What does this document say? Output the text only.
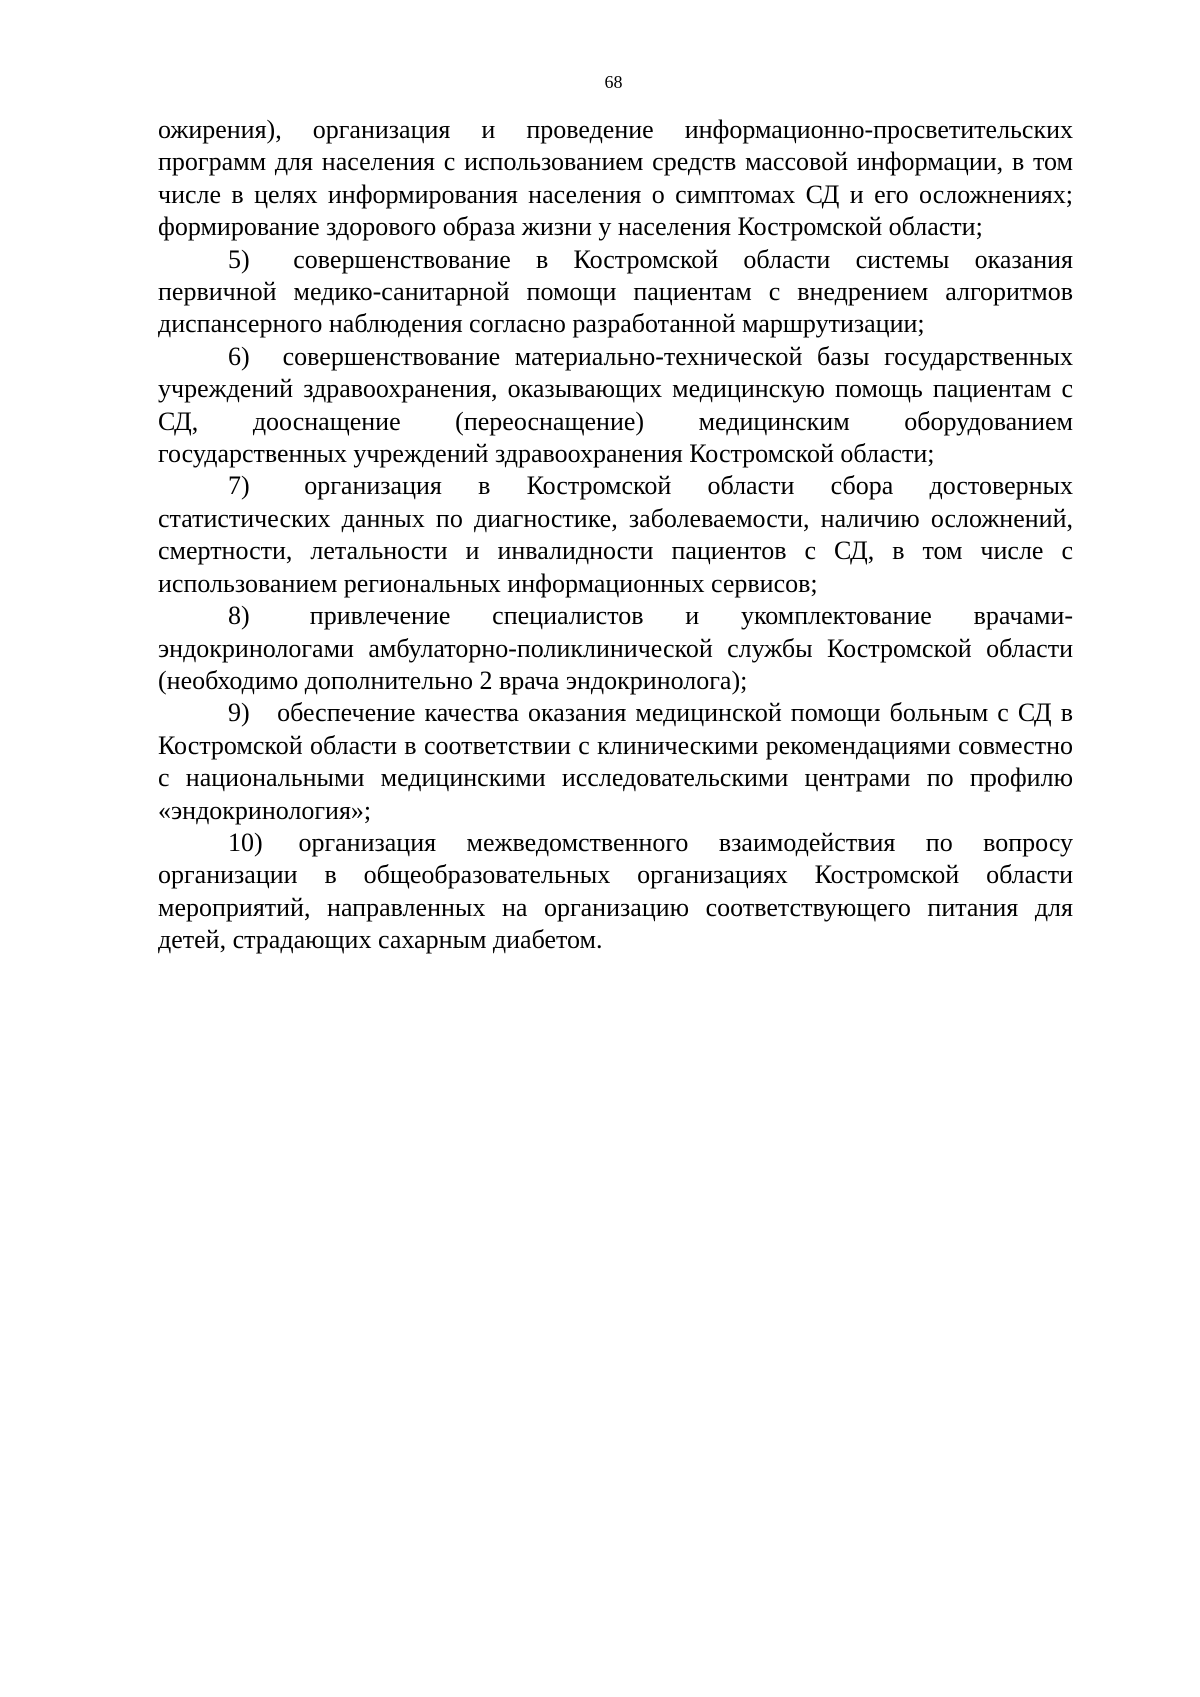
68

ожирения), организация и проведение информационно-просветительских программ для населения с использованием средств массовой информации, в том числе в целях информирования населения о симптомах СД и его осложнениях; формирование здорового образа жизни у населения Костромской области;

5) совершенствование в Костромской области системы оказания первичной медико-санитарной помощи пациентам с внедрением алгоритмов диспансерного наблюдения согласно разработанной маршрутизации;

6) совершенствование материально-технической базы государственных учреждений здравоохранения, оказывающих медицинскую помощь пациентам с СД, дооснащение (переоснащение) медицинским оборудованием государственных учреждений здравоохранения Костромской области;

7) организация в Костромской области сбора достоверных статистических данных по диагностике, заболеваемости, наличию осложнений, смертности, летальности и инвалидности пациентов с СД, в том числе с использованием региональных информационных сервисов;

8) привлечение специалистов и укомплектование врачами-эндокринологами амбулаторно-поликлинической службы Костромской области (необходимо дополнительно 2 врача эндокринолога);

9) обеспечение качества оказания медицинской помощи больным с СД в Костромской области в соответствии с клиническими рекомендациями совместно с национальными медицинскими исследовательскими центрами по профилю «эндокринология»;

10) организация межведомственного взаимодействия по вопросу организации в общеобразовательных организациях Костромской области мероприятий, направленных на организацию соответствующего питания для детей, страдающих сахарным диабетом.
